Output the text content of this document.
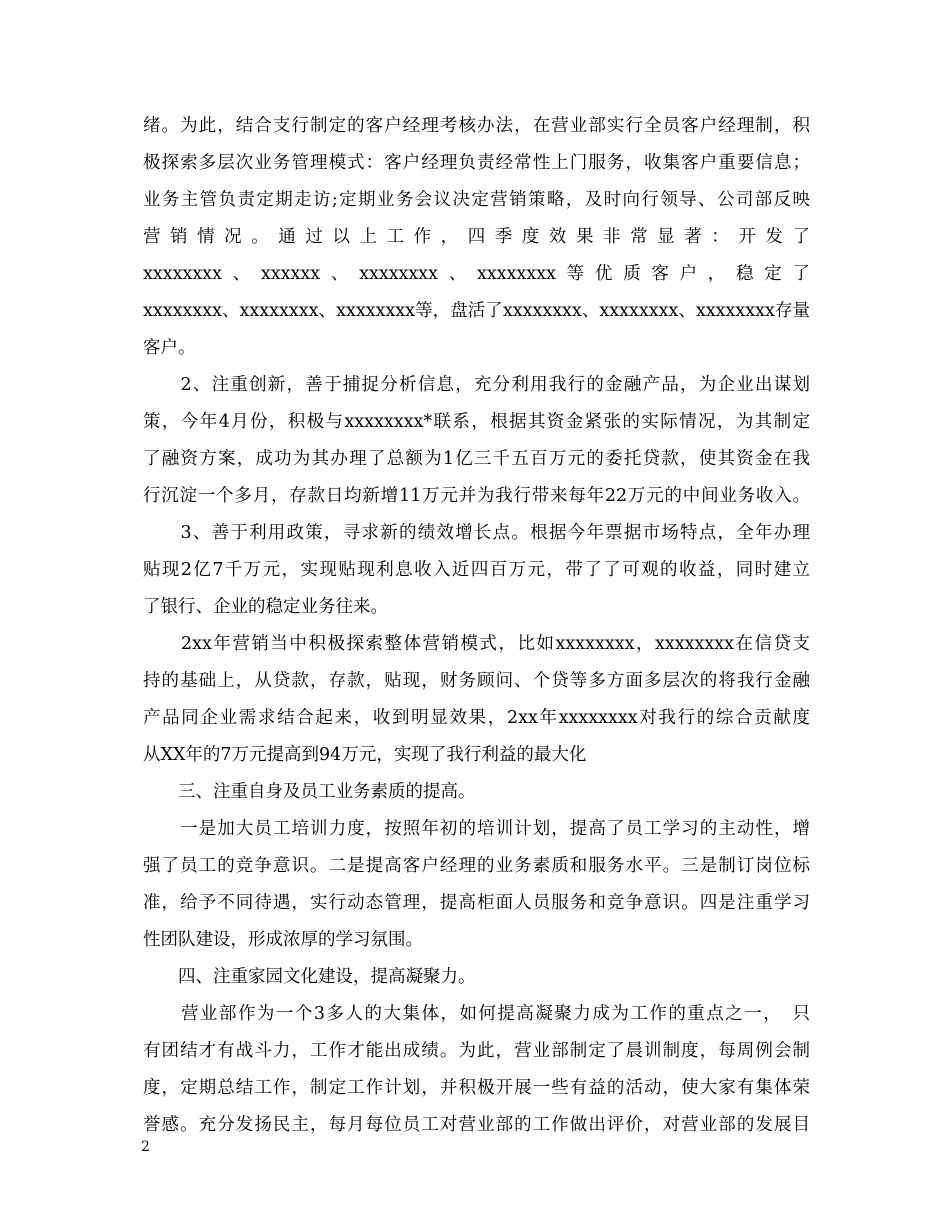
绪。为此，结合支行制定的客户经理考核办法，在营业部实行全员客户经理制，积
极探索多层次业务管理模式：客户经理负责经常性上门服务，收集客户重要信息；
业务主管负责定期走访;定期业务会议决定营销策略，及时向行领导、公司部反映
营销情况。通过以上工作，四季度效果非常显著：开发了
xxxxxxxx、xxxxxx、xxxxxxxx、xxxxxxxx等优质客户，稳定了
xxxxxxxx、xxxxxxxx、xxxxxxxx等，盘活了xxxxxxxx、xxxxxxxx、xxxxxxxx存量
客户。
　　2、注重创新，善于捕捉分析信息，充分利用我行的金融产品，为企业出谋划
策，今年4月份，积极与xxxxxxxx*联系，根据其资金紧张的实际情况，为其制定
了融资方案，成功为其办理了总额为1亿三千五百万元的委托贷款，使其资金在我
行沉淀一个多月，存款日均新增11万元并为我行带来每年22万元的中间业务收入。
　　3、善于利用政策，寻求新的绩效增长点。根据今年票据市场特点，全年办理
贴现2亿7千万元，实现贴现利息收入近四百万元，带了了可观的收益，同时建立
了银行、企业的稳定业务往来。
　　2xx年营销当中积极探索整体营销模式，比如xxxxxxxx，xxxxxxxx在信贷支
持的基础上，从贷款，存款，贴现，财务顾问、个贷等多方面多层次的将我行金融
产品同企业需求结合起来，收到明显效果，2xx年xxxxxxxx对我行的综合贡献度
从XX年的7万元提高到94万元，实现了我行利益的最大化
　　三、注重自身及员工业务素质的提高。
　　一是加大员工培训力度，按照年初的培训计划，提高了员工学习的主动性，增
强了员工的竞争意识。二是提高客户经理的业务素质和服务水平。三是制订岗位标
准，给予不同待遇，实行动态管理，提高柜面人员服务和竞争意识。四是注重学习
性团队建设，形成浓厚的学习氛围。
　　四、注重家园文化建设，提高凝聚力。
　　营业部作为一个3多人的大集体，如何提高凝聚力成为工作的重点之一，　只
有团结才有战斗力，工作才能出成绩。为此，营业部制定了晨训制度，每周例会制
度，定期总结工作，制定工作计划，并积极开展一些有益的活动，使大家有集体荣
誉感。充分发扬民主，每月每位员工对营业部的工作做出评价，对营业部的发展目
2
